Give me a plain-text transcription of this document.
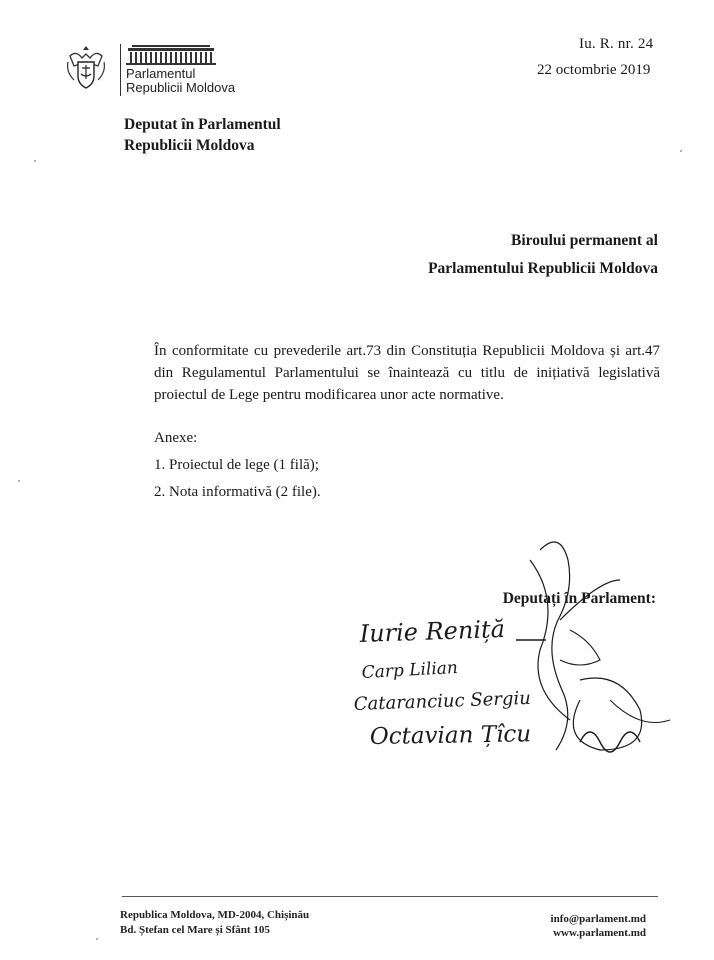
Parlamentul
Republicii Moldova
Iu. R. nr. 24
22 octombrie 2019
Deputat în Parlamentul
Republicii Moldova
Biroului permanent al
Parlamentului Republicii Moldova
În conformitate cu prevederile art.73 din Constituția Republicii Moldova și art.47 din Regulamentul Parlamentului se înaintează cu titlu de inițiativă legislativă proiectul de Lege pentru modificarea unor acte normative.
Anexe:
1. Proiectul de lege (1 filă);
2. Nota informativă (2 file).
Iurie Reniță
Carp Lilian
Cataranciuc Sergiu
Octavian Țîcu
Deputați în Parlament:
Republica Moldova, MD-2004, Chișinău
Bd. Ștefan cel Mare și Sfânt 105
info@parlament.md
www.parlament.md
